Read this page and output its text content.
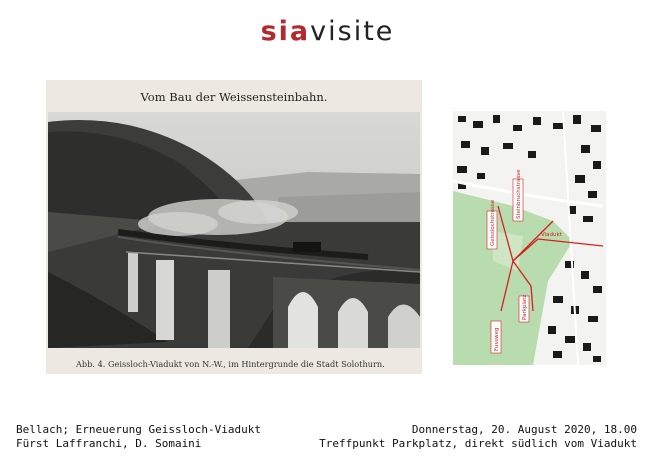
siavisite
Vom Bau der Weissensteinbahn.
Abb. 4. Geissloch-Viadukt von N.-W., im Hintergrunde die Stadt Solothurn.
Geisslochstrasse
Steinbruchstrasse
Parkplatz
Fussweg
Viadukt
Bellach; Erneuerung Geissloch-Viadukt
Fürst Laffranchi, D. Somaini
Donnerstag, 20. August 2020, 18.00
Treffpunkt Parkplatz, direkt südlich vom Viadukt
